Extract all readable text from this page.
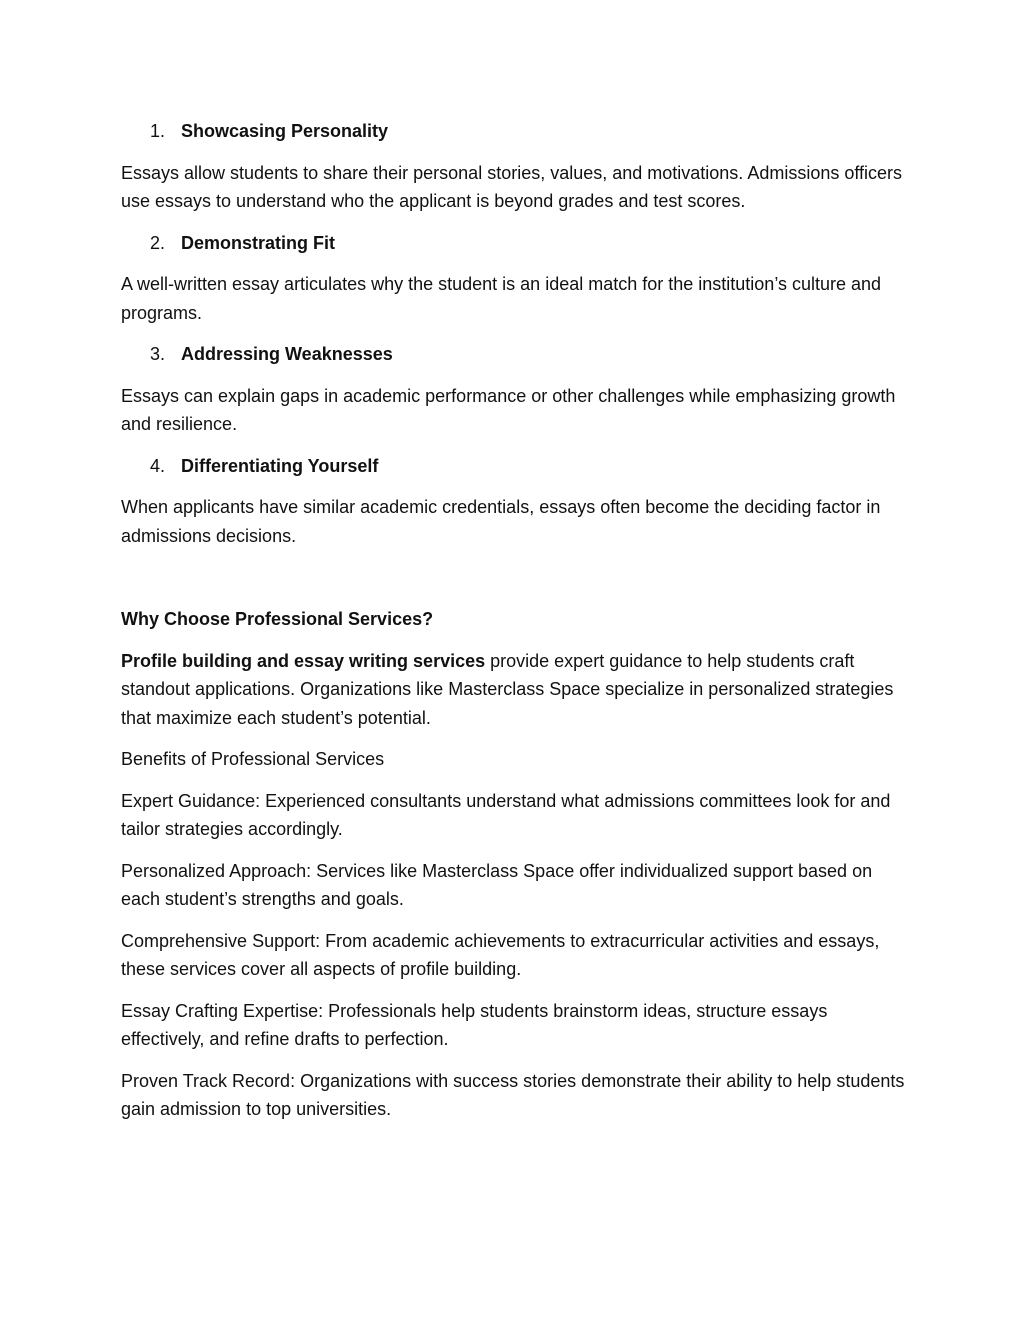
1. Showcasing Personality

Essays allow students to share their personal stories, values, and motivations. Admissions officers use essays to understand who the applicant is beyond grades and test scores.

2. Demonstrating Fit

A well-written essay articulates why the student is an ideal match for the institution’s culture and programs.

3. Addressing Weaknesses

Essays can explain gaps in academic performance or other challenges while emphasizing growth and resilience.

4. Differentiating Yourself

When applicants have similar academic credentials, essays often become the deciding factor in admissions decisions.

Why Choose Professional Services?

Profile building and essay writing services provide expert guidance to help students craft standout applications. Organizations like Masterclass Space specialize in personalized strategies that maximize each student’s potential.

Benefits of Professional Services

Expert Guidance: Experienced consultants understand what admissions committees look for and tailor strategies accordingly.

Personalized Approach: Services like Masterclass Space offer individualized support based on each student’s strengths and goals.

Comprehensive Support: From academic achievements to extracurricular activities and essays, these services cover all aspects of profile building.

Essay Crafting Expertise: Professionals help students brainstorm ideas, structure essays effectively, and refine drafts to perfection.

Proven Track Record: Organizations with success stories demonstrate their ability to help students gain admission to top universities.
